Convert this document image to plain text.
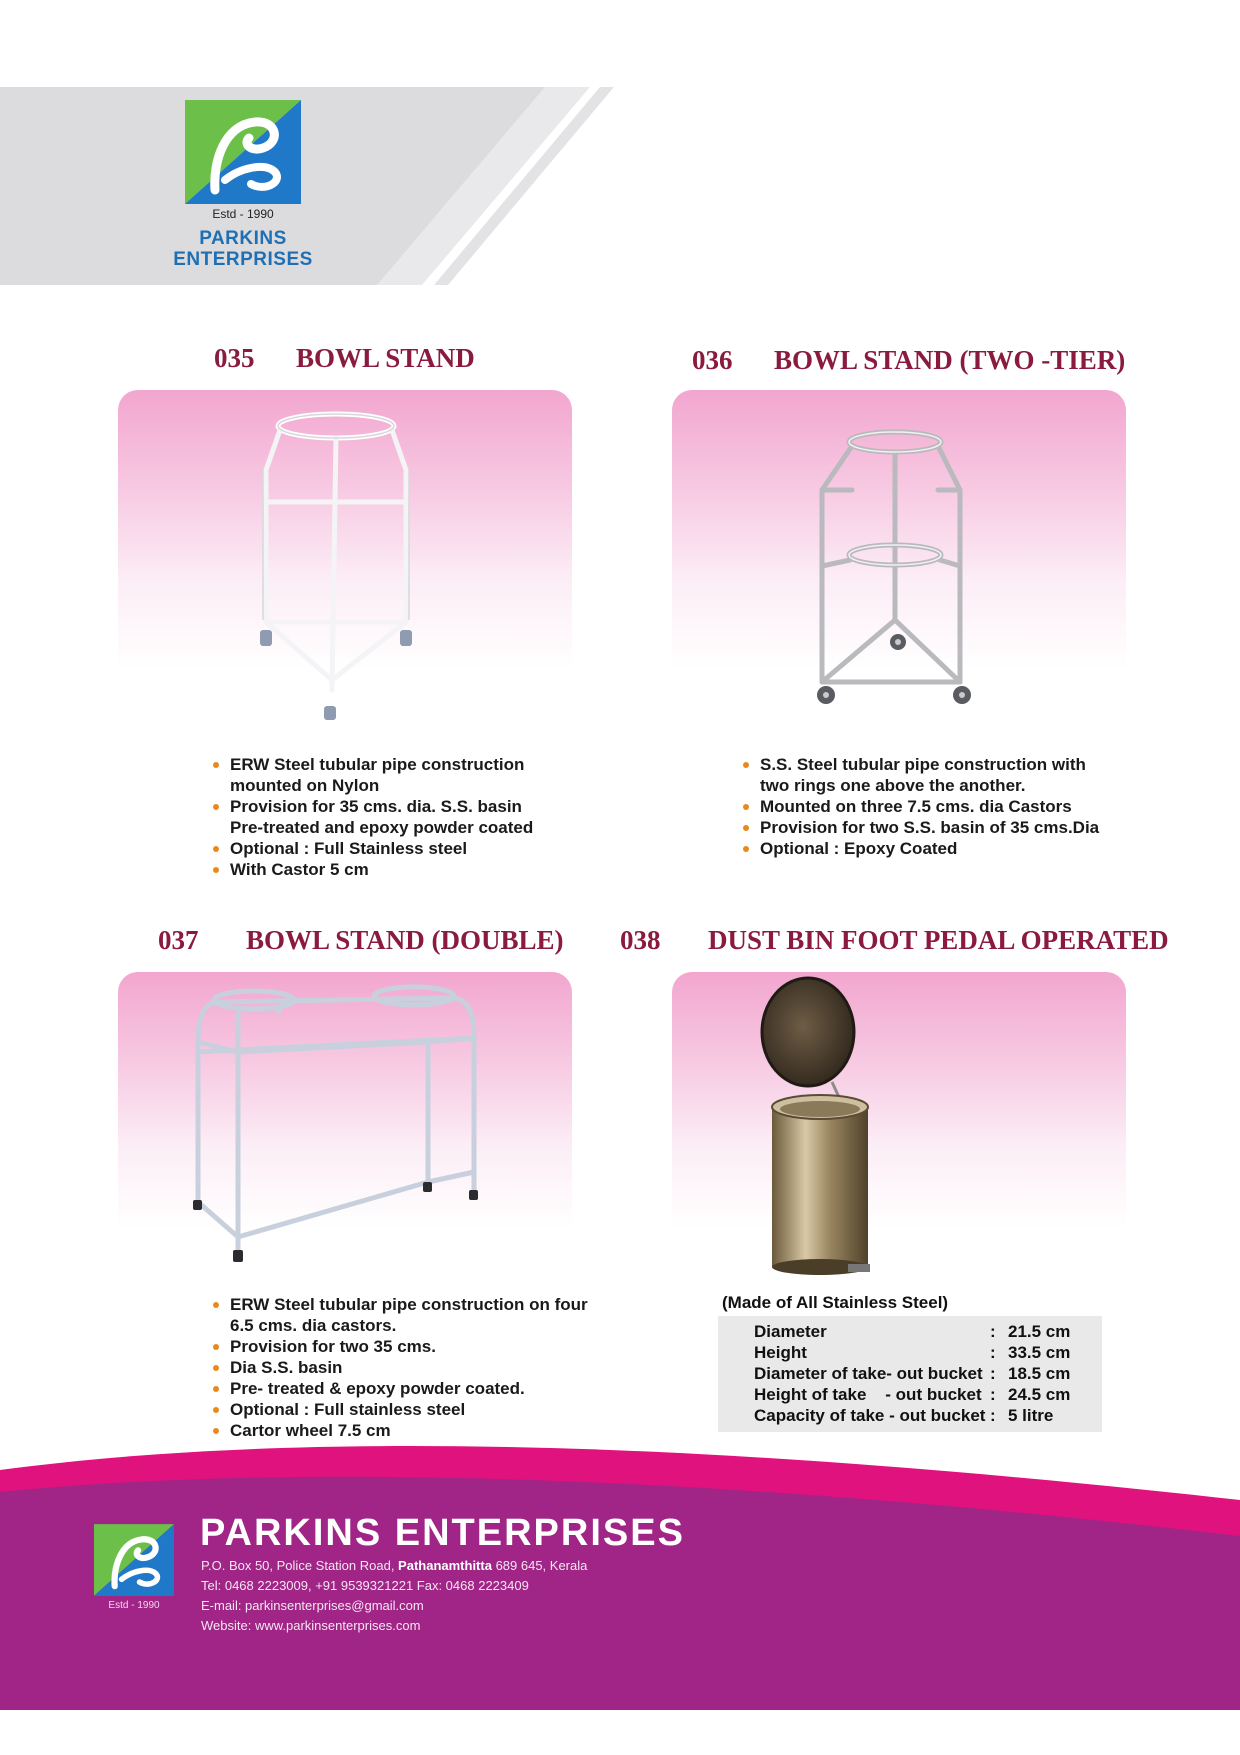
Estd - 1990
PARKINS
ENTERPRISES
035 BOWL STAND
ERW Steel tubular pipe construction
mounted on Nylon
Provision for 35 cms. dia. S.S. basin
Pre-treated and epoxy powder coated
Optional : Full Stainless steel
With Castor 5 cm
036 BOWL STAND (TWO -TIER)
S.S. Steel tubular pipe construction with
two rings one above the another.
Mounted on three 7.5 cms. dia Castors
Provision for two S.S. basin of 35 cms.Dia
Optional : Epoxy Coated
037 BOWL STAND (DOUBLE)
ERW Steel tubular pipe construction on four
6.5 cms. dia castors.
Provision for two 35 cms.
Dia S.S. basin
Pre- treated & epoxy powder coated.
Optional : Full stainless steel
Cartor wheel 7.5 cm
038 DUST BIN FOOT PEDAL OPERATED
(Made of All Stainless Steel)
Diameter	: 21.5 cm
Height	: 33.5 cm
Diameter of take- out bucket : 18.5 cm
Height of take    - out bucket : 24.5 cm
Capacity of take - out bucket : 5 litre
Estd - 1990
PARKINS ENTERPRISES
P.O. Box 50, Police Station Road, Pathanamthitta 689 645, Kerala
Tel: 0468 2223009, +91 9539321221 Fax: 0468 2223409
E-mail: parkinsenterprises@gmail.com
Website: www.parkinsenterprises.com
